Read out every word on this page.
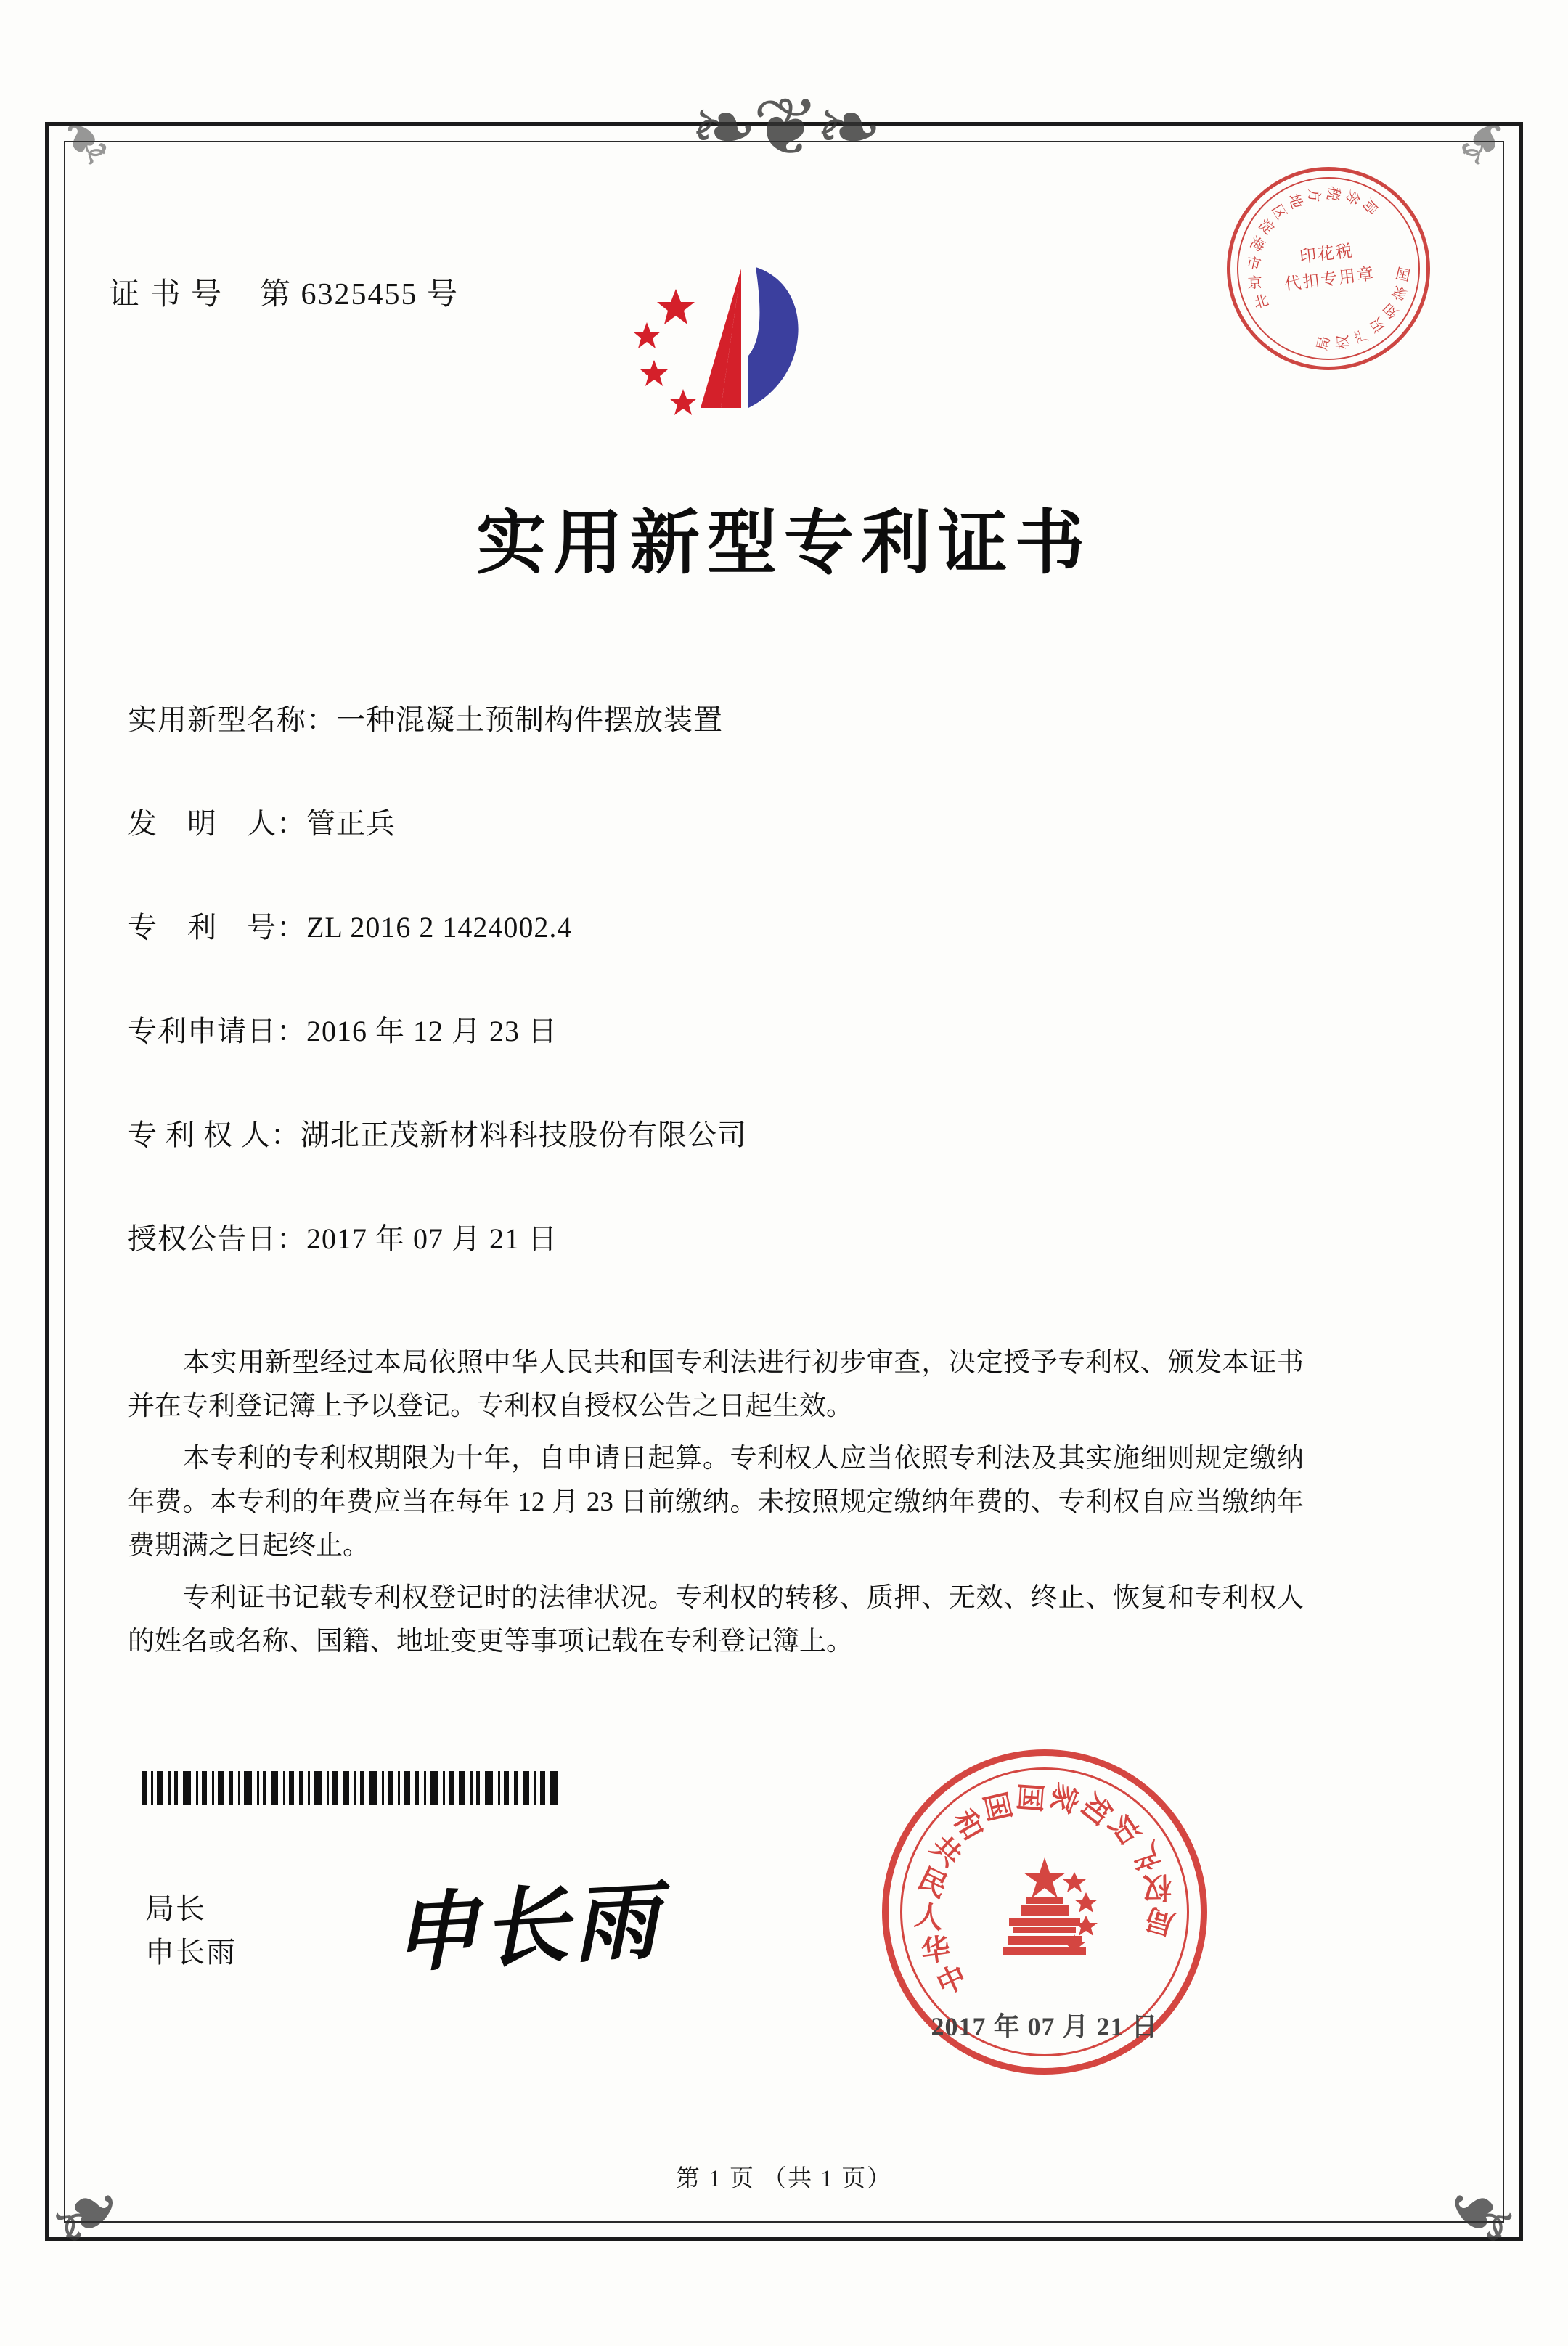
❧❦❧
❧	❧
❧	❧
证 书 号 第 6325455 号	北
京
市
海
淀
区
地 方 税 务
局
国
家
知
识
产
权
局
印花税
代扣专用章
实用新型专利证书
实用新型名称：一种混凝土预制构件摆放装置
发　明　人：管正兵
专　利　号：ZL 2016 2 1424002.4
专利申请日：2016 年 12 月 23 日
专 利 权 人：湖北正茂新材料科技股份有限公司
授权公告日：2017 年 07 月 21 日

本实用新型经过本局依照中华人民共和国专利法进行初步审查，决定授予专利权、颁发本证书并在专利登记簿上予以登记。专利权自授权公告之日起生效。

本专利的专利权期限为十年，自申请日起算。专利权人应当依照专利法及其实施细则规定缴纳年费。本专利的年费应当在每年 12 月 23 日前缴纳。未按照规定缴纳年费的、专利权自应当缴纳年费期满之日起终止。

专利证书记载专利权登记时的法律状况。专利权的转移、质押、无效、终止、恢复和专利权人的姓名或名称、国籍、地址变更等事项记载在专利登记簿上。

局长
申长雨 申长雨	中
华
人
民
共
和
国
国
家
知
识
产
权
局
2017 年 07 月 21 日
第 1 页 （共 1 页）
